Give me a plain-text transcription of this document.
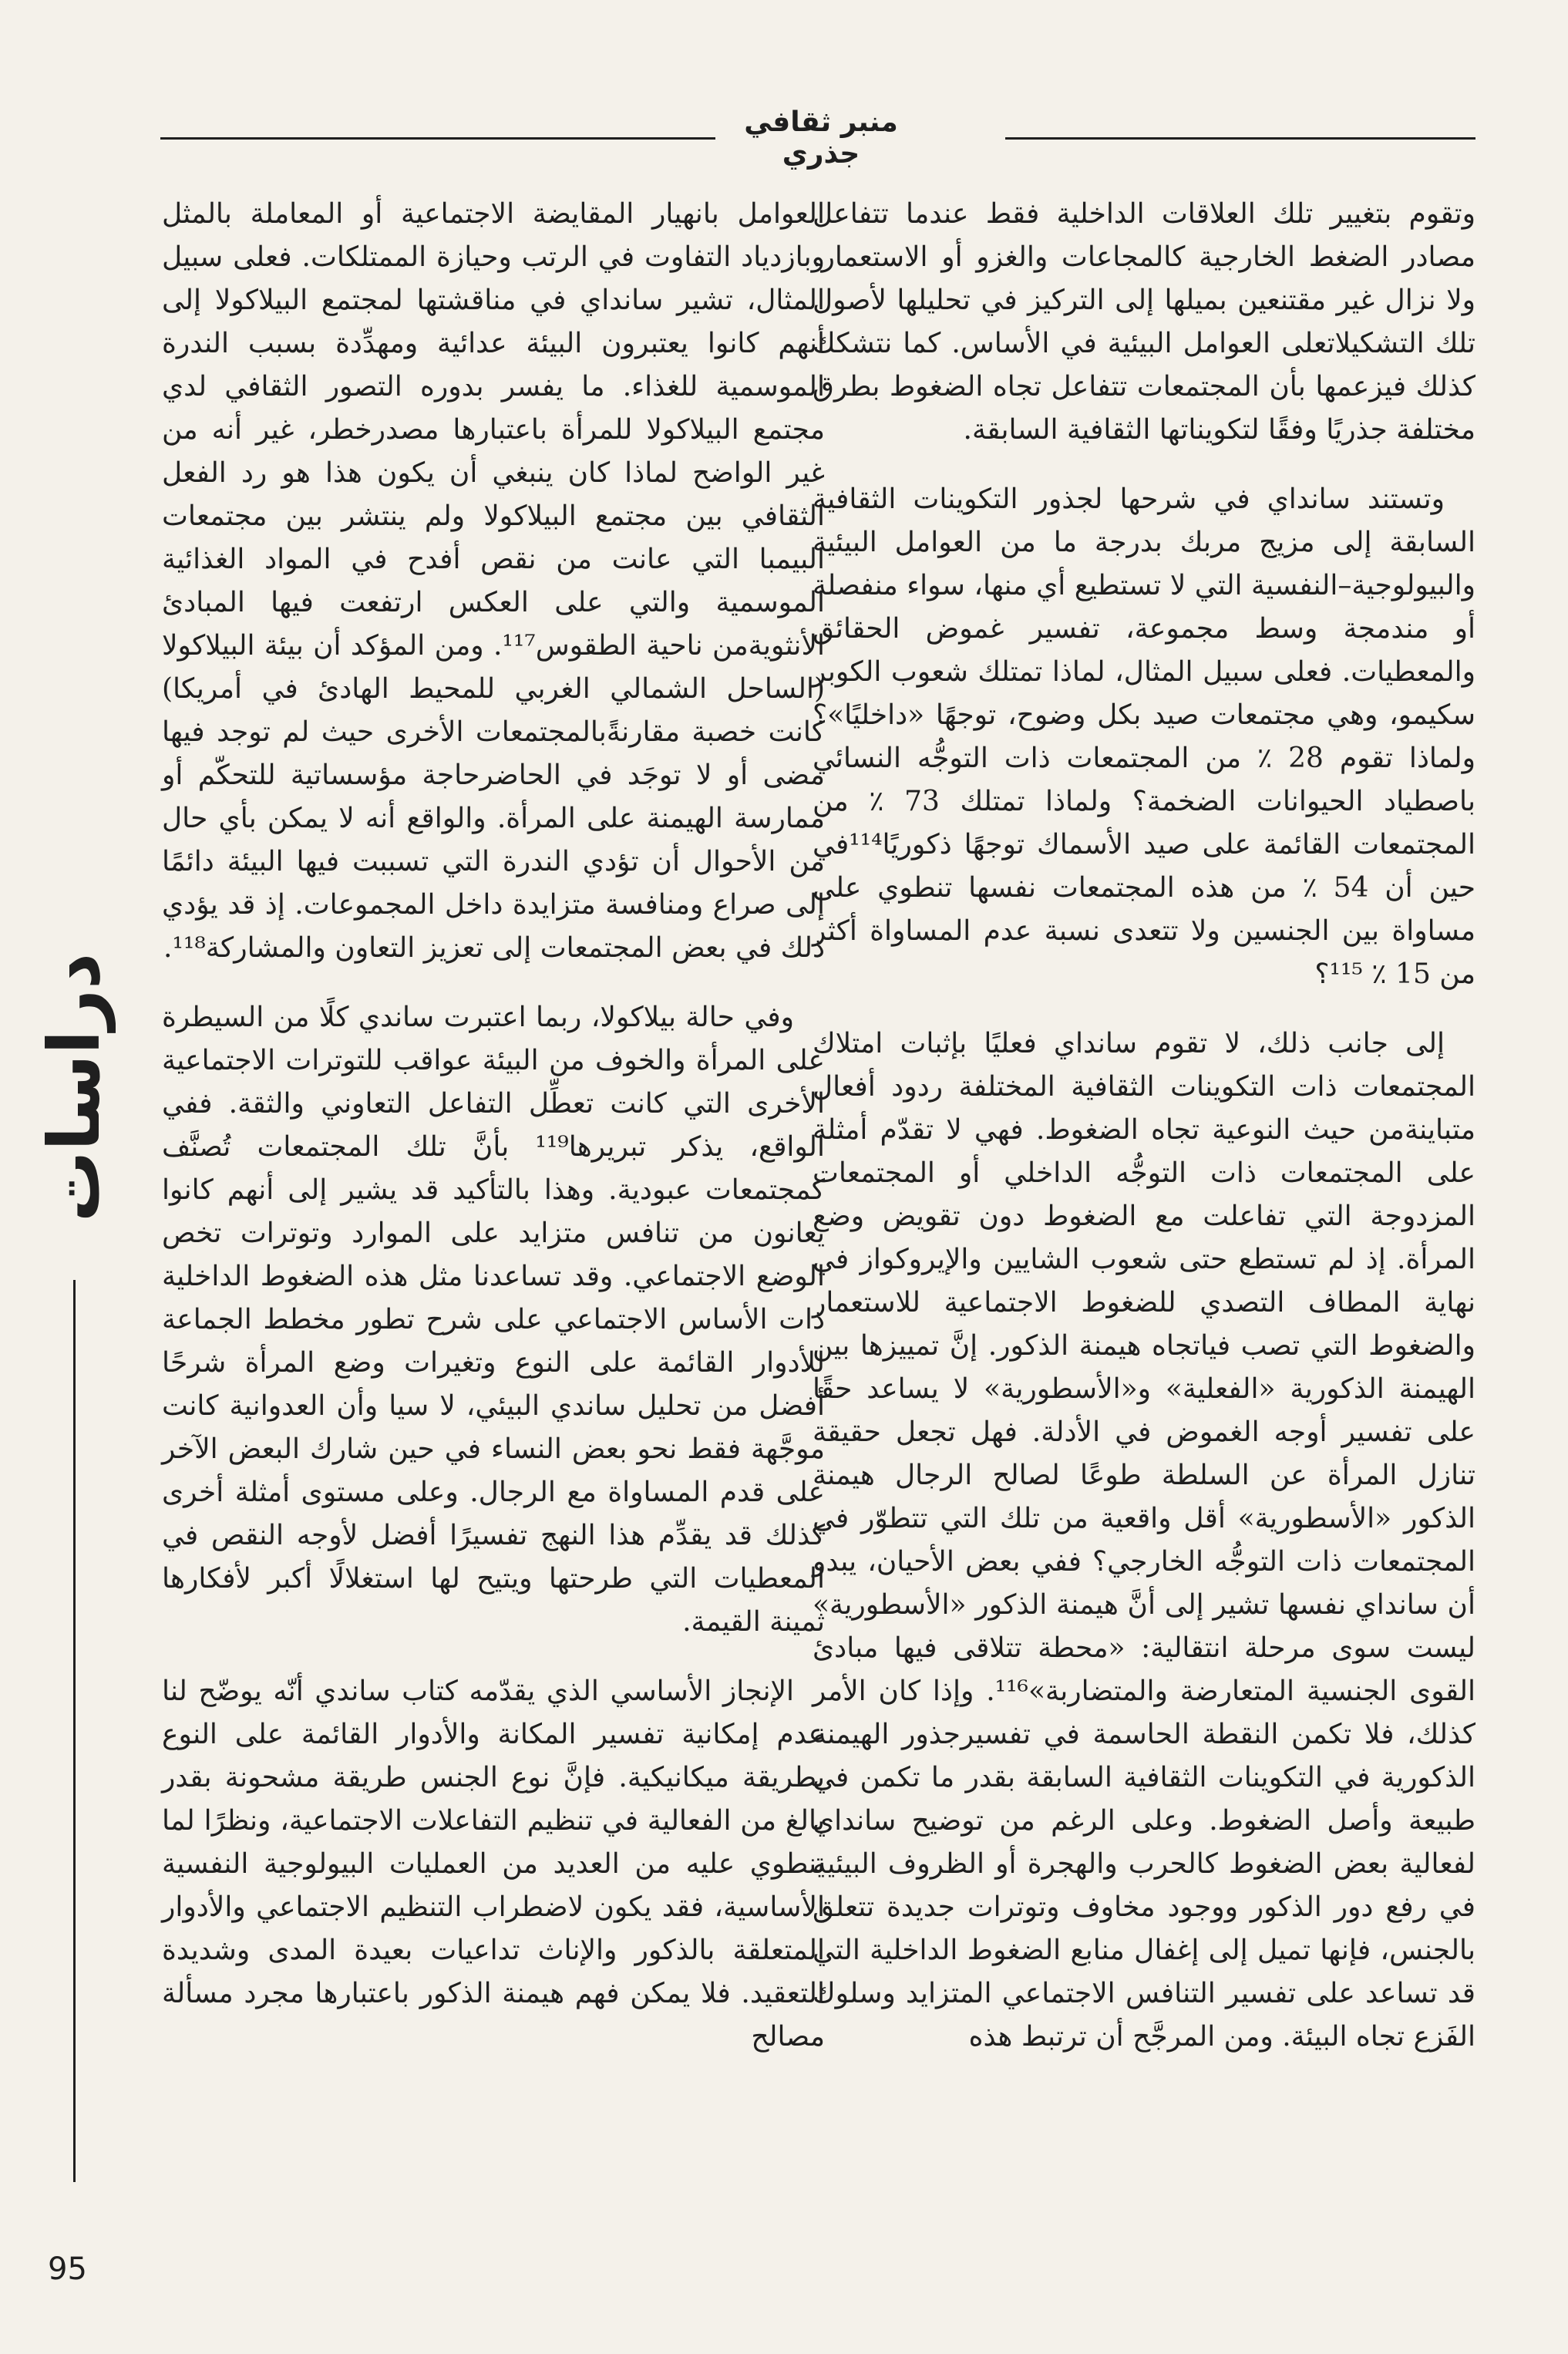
منبر ثقافي جذري

وتقوم بتغيير تلك العلاقات الداخلية فقط عندما تتفاعل مصادر الضغط الخارجية كالمجاعات والغزو أو الاستعمار. ولا نزال غير مقتنعين بميلها إلى التركيز في تحليلها لأصول تلك التشكيلاتعلى العوامل البيئية في الأساس. كما نتشكك كذلك فيزعمها بأن المجتمعات تتفاعل تجاه الضغوط بطرق مختلفة جذريًا وفقًا لتكويناتها الثقافية السابقة.

وتستند سانداي في شرحها لجذور التكوينات الثقافية السابقة إلى مزيج مربك بدرجة ما من العوامل البيئية والبيولوجية–النفسية التي لا تستطيع أي منها، سواء منفصلة أو مندمجة وسط مجموعة، تفسير غموض الحقائق والمعطيات. فعلى سبيل المثال، لماذا تمتلك شعوب الكوبر سكيمو، وهي مجتمعات صيد بكل وضوح، توجهًا «داخليًا»؟ ولماذا تقوم 28 ٪ من المجتمعات ذات التوجُّه النسائي باصطياد الحيوانات الضخمة؟ ولماذا تمتلك 73 ٪ من المجتمعات القائمة على صيد الأسماك توجهًا ذكوريًا¹¹⁴في حين أن 54 ٪ من هذه المجتمعات نفسها تنطوي على مساواة بين الجنسين ولا تتعدى نسبة عدم المساواة أكثر من 15 ٪ ¹¹⁵؟

إلى جانب ذلك، لا تقوم سانداي فعليًا بإثبات امتلاك المجتمعات ذات التكوينات الثقافية المختلفة ردود أفعال متباينةمن حيث النوعية تجاه الضغوط. فهي لا تقدّم أمثلة على المجتمعات ذات التوجُّه الداخلي أو المجتمعات المزدوجة التي تفاعلت مع الضغوط دون تقويض وضع المرأة. إذ لم تستطع حتى شعوب الشايين والإيروكواز في نهاية المطاف التصدي للضغوط الاجتماعية للاستعمار والضغوط التي تصب فياتجاه هيمنة الذكور. إنَّ تمييزها بين الهيمنة الذكورية «الفعلية» و«الأسطورية» لا يساعد حقًا على تفسير أوجه الغموض في الأدلة. فهل تجعل حقيقة تنازل المرأة عن السلطة طوعًا لصالح الرجال هيمنة الذكور «الأسطورية» أقل واقعية من تلك التي تتطوّر في المجتمعات ذات التوجُّه الخارجي؟ ففي بعض الأحيان، يبدو أن سانداي نفسها تشير إلى أنَّ هيمنة الذكور «الأسطورية» ليست سوى مرحلة انتقالية: «محطة تتلاقى فيها مبادئ القوى الجنسية المتعارضة والمتضاربة»¹¹⁶. وإذا كان الأمر كذلك، فلا تكمن النقطة الحاسمة في تفسيرجذور الهيمنة الذكورية في التكوينات الثقافية السابقة بقدر ما تكمن في طبيعة وأصل الضغوط. وعلى الرغم من توضيح سانداي لفعالية بعض الضغوط كالحرب والهجرة أو الظروف البيئية في رفع دور الذكور ووجود مخاوف وتوترات جديدة تتعلق بالجنس، فإنها تميل إلى إغفال منابع الضغوط الداخلية التي قد تساعد على تفسير التنافس الاجتماعي المتزايد وسلوك الفَزع تجاه البيئة. ومن المرجَّح أن ترتبط هذه

العوامل بانهيار المقايضة الاجتماعية أو المعاملة بالمثل وبازدياد التفاوت في الرتب وحيازة الممتلكات. فعلى سبيل المثال، تشير سانداي في مناقشتها لمجتمع البيلاكولا إلى أنهم كانوا يعتبرون البيئة عدائية ومهدِّدة بسبب الندرة الموسمية للغذاء. ما يفسر بدوره التصور الثقافي لدي مجتمع البيلاكولا للمرأة باعتبارها مصدرخطر، غير أنه من غير الواضح لماذا كان ينبغي أن يكون هذا هو رد الفعل الثقافي بين مجتمع البيلاكولا ولم ينتشر بين مجتمعات البيمبا التي عانت من نقص أفدح في المواد الغذائية الموسمية والتي على العكس ارتفعت فيها المبادئ الأنثويةمن ناحية الطقوس¹¹⁷. ومن المؤكد أن بيئة البيلاكولا (الساحل الشمالي الغربي للمحيط الهادئ في أمريكا) كانت خصبة مقارنةًبالمجتمعات الأخرى حيث لم توجد فيها مضى أو لا توجَد في الحاضرحاجة مؤسساتية للتحكّم أو ممارسة الهيمنة على المرأة. والواقع أنه لا يمكن بأي حال من الأحوال أن تؤدي الندرة التي تسببت فيها البيئة دائمًا إلى صراع ومنافسة متزايدة داخل المجموعات. إذ قد يؤدي ذلك في بعض المجتمعات إلى تعزيز التعاون والمشاركة¹¹⁸.

وفي حالة بيلاكولا، ربما اعتبرت ساندي كلًا من السيطرة على المرأة والخوف من البيئة عواقب للتوترات الاجتماعية الأخرى التي كانت تعطِّل التفاعل التعاوني والثقة. ففي الواقع، يذكر تبريرها¹¹⁹ بأنَّ تلك المجتمعات تُصنَّف كمجتمعات عبودية. وهذا بالتأكيد قد يشير إلى أنهم كانوا يعانون من تنافس متزايد على الموارد وتوترات تخص الوضع الاجتماعي. وقد تساعدنا مثل هذه الضغوط الداخلية ذات الأساس الاجتماعي على شرح تطور مخطط الجماعة للأدوار القائمة على النوع وتغيرات وضع المرأة شرحًا أفضل من تحليل ساندي البيئي، لا سيا وأن العدوانية كانت موجَّهة فقط نحو بعض النساء في حين شارك البعض الآخر على قدم المساواة مع الرجال. وعلى مستوى أمثلة أخرى كذلك قد يقدِّم هذا النهج تفسيرًا أفضل لأوجه النقص في المعطيات التي طرحتها ويتيح لها استغلالًا أكبر لأفكارها ثمينة القيمة.

الإنجاز الأساسي الذي يقدّمه كتاب ساندي أنّه يوضّح لنا عدم إمكانية تفسير المكانة والأدوار القائمة على النوع بطريقة ميكانيكية. فإنَّ نوع الجنس طريقة مشحونة بقدر بالغ من الفعالية في تنظيم التفاعلات الاجتماعية، ونظرًا لما ينطوي عليه من العديد من العمليات البيولوجية النفسية الأساسية، فقد يكون لاضطراب التنظيم الاجتماعي والأدوار المتعلقة بالذكور والإناث تداعيات بعيدة المدى وشديدة التعقيد. فلا يمكن فهم هيمنة الذكور باعتبارها مجرد مسألة مصالح

دراسات
95
